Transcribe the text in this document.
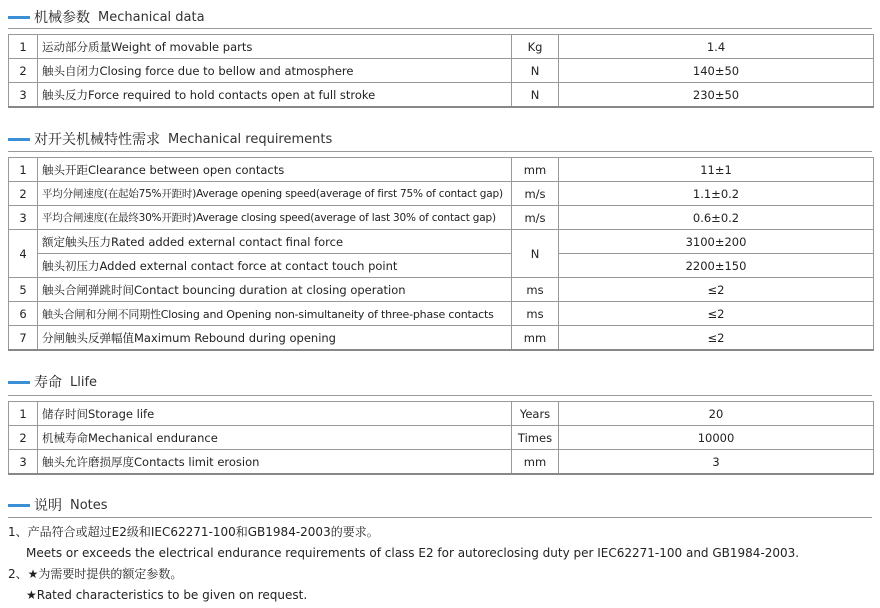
机械参数 Mechanical data
1	运动部分质量Weight of movable parts	Kg	1.4
2	触头自闭力Closing force due to bellow and atmosphere	N	140±50
3	触头反力Force required to hold contacts open at full stroke	N	230±50
对开关机械特性需求 Mechanical requirements
1	触头开距Clearance between open contacts	mm	11±1
2	平均分闸速度(在起始75%开距时)Average opening speed(average of first 75% of contact gap)	m/s	1.1±0.2
3	平均合闸速度(在最终30%开距时)Average closing speed(average of last 30% of contact gap)	m/s	0.6±0.2
4	额定触头压力Rated added external contact final force	N	3100±200
	触头初压力Added external contact force at contact touch point		2200±150
5	触头合闸弹跳时间Contact bouncing duration at closing operation	ms	≤2
6	触头合闸和分闸不同期性Closing and Opening non-simultaneity of three-phase contacts	ms	≤2
7	分闸触头反弹幅值Maximum Rebound during opening	mm	≤2
寿命 Llife
1	储存时间Storage life	Years	20
2	机械寿命Mechanical endurance	Times	10000
3	触头允许磨损厚度Contacts limit erosion	mm	3
说明 Notes
1、产品符合或超过E2级和IEC62271-100和GB1984-2003的要求。
Meets or exceeds the electrical endurance requirements of class E2 for autoreclosing duty per IEC62271-100 and GB1984-2003.
2、★为需要时提供的额定参数。
★Rated characteristics to be given on request.
